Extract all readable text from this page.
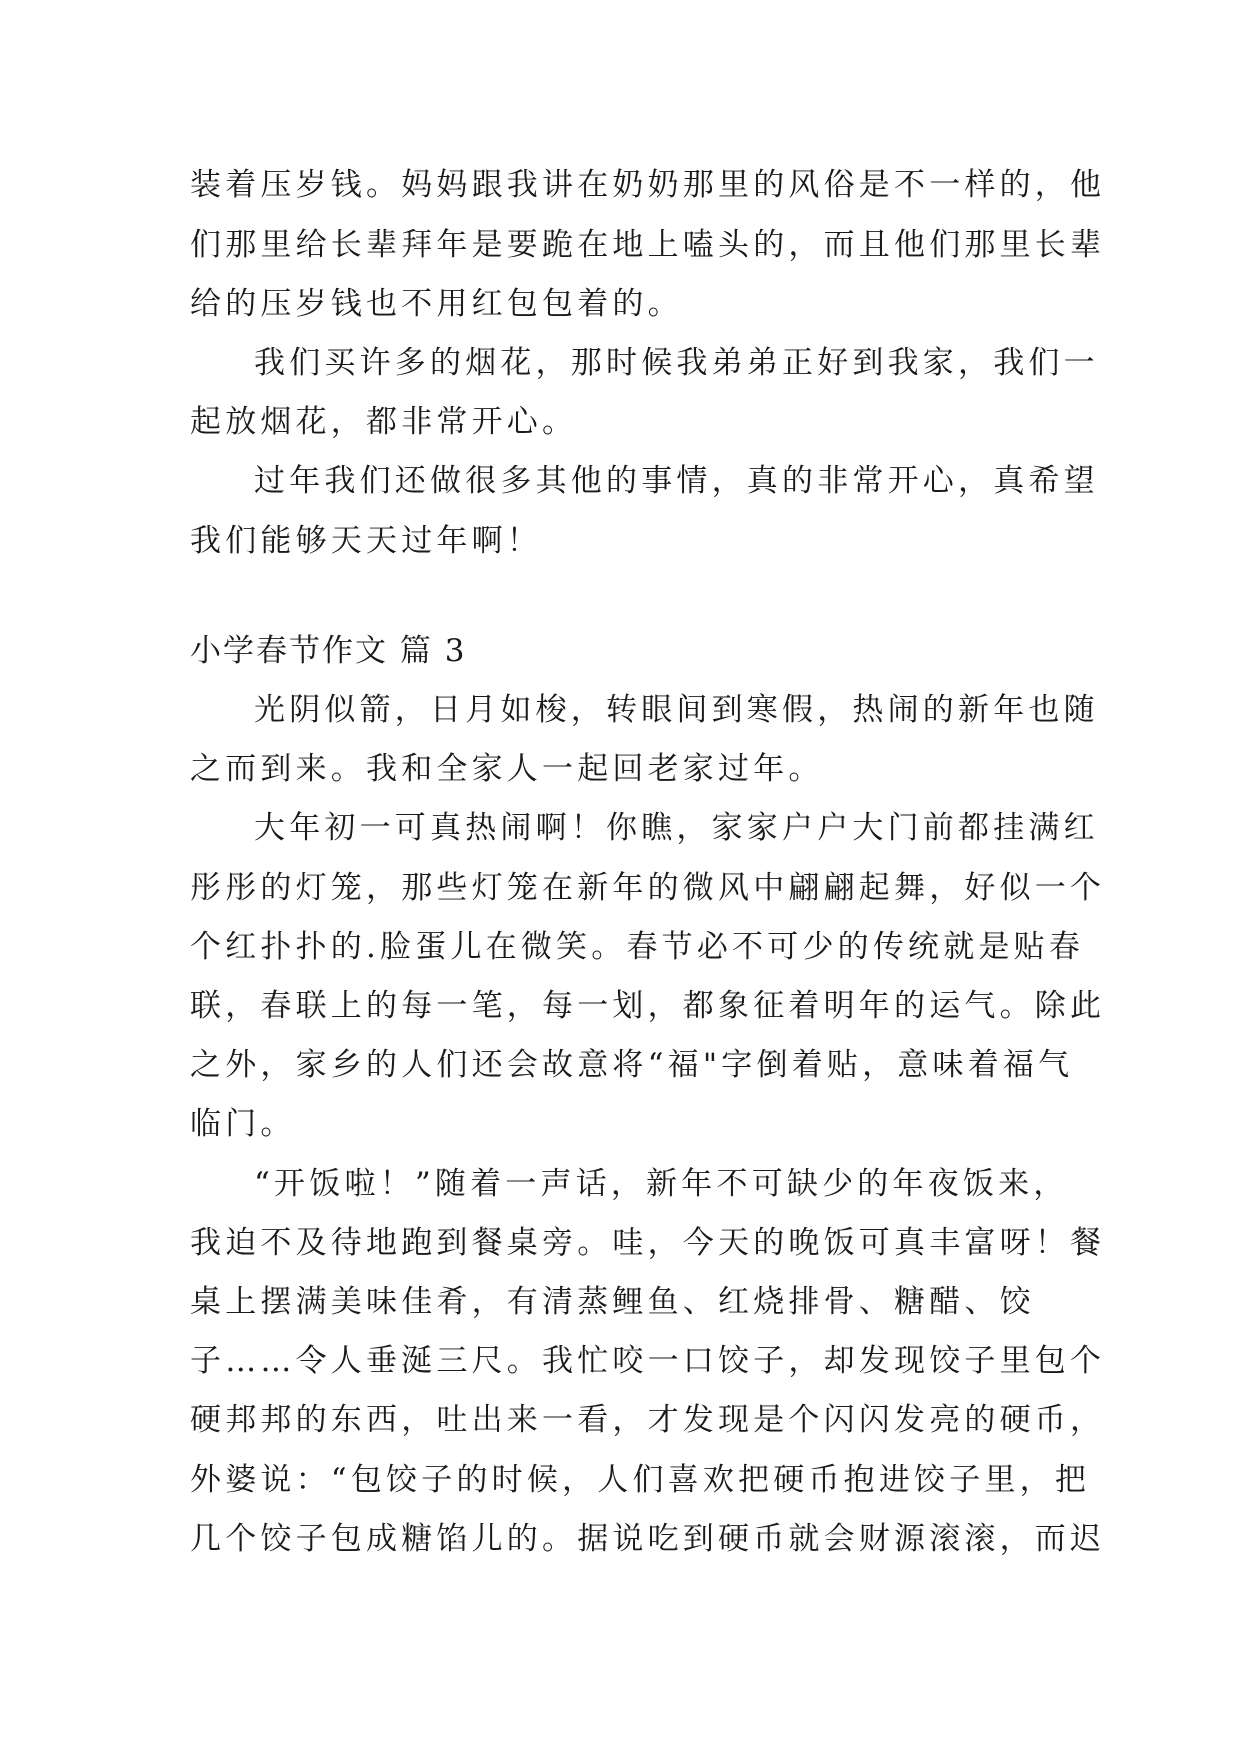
装着压岁钱。妈妈跟我讲在奶奶那里的风俗是不一样的，他
们那里给长辈拜年是要跪在地上嗑头的，而且他们那里长辈
给的压岁钱也不用红包包着的。
我们买许多的烟花，那时候我弟弟正好到我家，我们一
起放烟花，都非常开心。
过年我们还做很多其他的事情，真的非常开心，真希望
我们能够天天过年啊！
小学春节作文 篇 3
光阴似箭，日月如梭，转眼间到寒假，热闹的新年也随
之而到来。我和全家人一起回老家过年。
大年初一可真热闹啊！你瞧，家家户户大门前都挂满红
彤彤的灯笼，那些灯笼在新年的微风中翩翩起舞，好似一个
个红扑扑的.脸蛋儿在微笑。春节必不可少的传统就是贴春
联，春联上的每一笔，每一划，都象征着明年的运气。除此
之外，家乡的人们还会故意将“福"字倒着贴，意味着福气
临门。
“开饭啦！”随着一声话，新年不可缺少的年夜饭来，
我迫不及待地跑到餐桌旁。哇，今天的晚饭可真丰富呀！餐
桌上摆满美味佳肴，有清蒸鲤鱼、红烧排骨、糖醋、饺
子……令人垂涎三尺。我忙咬一口饺子，却发现饺子里包个
硬邦邦的东西，吐出来一看，才发现是个闪闪发亮的硬币，
外婆说：“包饺子的时候，人们喜欢把硬币抱进饺子里，把
几个饺子包成糖馅儿的。据说吃到硬币就会财源滚滚，而迟
